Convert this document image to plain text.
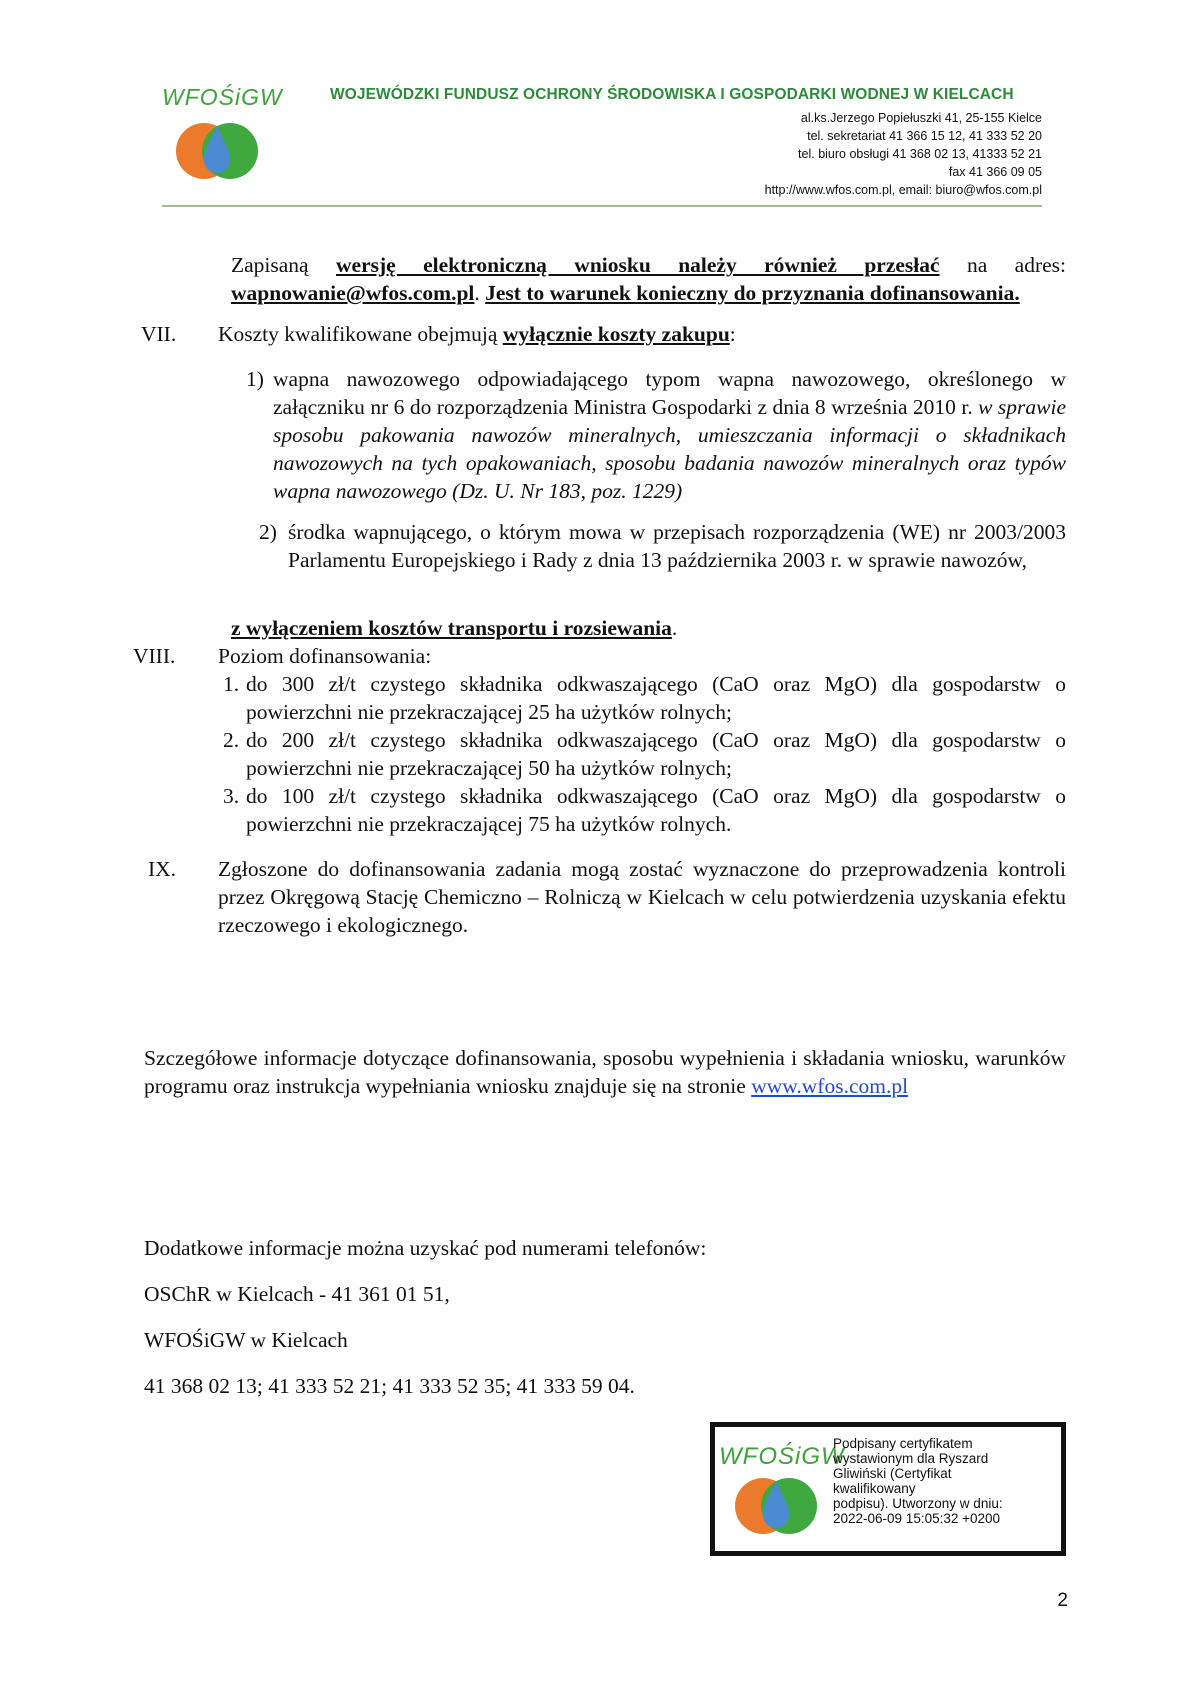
WFOŚiGW	WOJEWÓDZKI FUNDUSZ OCHRONY ŚRODOWISKA I GOSPODARKI WODNEJ W KIELCACH
al.ks.Jerzego Popiełuszki 41, 25-155 Kielce
tel. sekretariat 41 366 15 12, 41 333 52 20
tel. biuro obsługi 41 368 02 13, 41333 52 21
fax 41 366 09 05
http://www.wfos.com.pl, email: biuro@wfos.com.pl
Zapisaną wersję elektroniczną wniosku należy również przesłać na adres: wapnowanie@wfos.com.pl. Jest to warunek konieczny do przyznania dofinansowania.
VII. Koszty kwalifikowane obejmują wyłącznie koszty zakupu:
1) wapna nawozowego odpowiadającego typom wapna nawozowego, określonego w załączniku nr 6 do rozporządzenia Ministra Gospodarki z dnia 8 września 2010 r. w sprawie sposobu pakowania nawozów mineralnych, umieszczania informacji o składnikach nawozowych na tych opakowaniach, sposobu badania nawozów mineralnych oraz typów wapna nawozowego (Dz. U. Nr 183, poz. 1229)
2) środka wapnującego, o którym mowa w przepisach rozporządzenia (WE) nr 2003/2003 Parlamentu Europejskiego i Rady z dnia 13 października 2003 r. w sprawie nawozów,
z wyłączeniem kosztów transportu i rozsiewania.
VIII. Poziom dofinansowania:
1. do 300 zł/t czystego składnika odkwaszającego (CaO oraz MgO) dla gospodarstw o powierzchni nie przekraczającej 25 ha użytków rolnych;
2. do 200 zł/t czystego składnika odkwaszającego (CaO oraz MgO) dla gospodarstw o powierzchni nie przekraczającej 50 ha użytków rolnych;
3. do 100 zł/t czystego składnika odkwaszającego (CaO oraz MgO) dla gospodarstw o powierzchni nie przekraczającej 75 ha użytków rolnych.
IX. Zgłoszone do dofinansowania zadania mogą zostać wyznaczone do przeprowadzenia kontroli przez Okręgową Stację Chemiczno – Rolniczą w Kielcach w celu potwierdzenia uzyskania efektu rzeczowego i ekologicznego.
Szczegółowe informacje dotyczące dofinansowania, sposobu wypełnienia i składania wniosku, warunków programu oraz instrukcja wypełniania wniosku znajduje się na stronie www.wfos.com.pl
Dodatkowe informacje można uzyskać pod numerami telefonów:
OSChR w Kielcach - 41 361 01 51,
WFOŚiGW w Kielcach
41 368 02 13; 41 333 52 21; 41 333 52 35; 41 333 59 04.
WFOŚiGW
Podpisany certyfikatem
wystawionym dla Ryszard
Gliwiński (Certyfikat
kwalifikowany
podpisu). Utworzony w dniu:
2022-06-09 15:05:32 +0200
2
